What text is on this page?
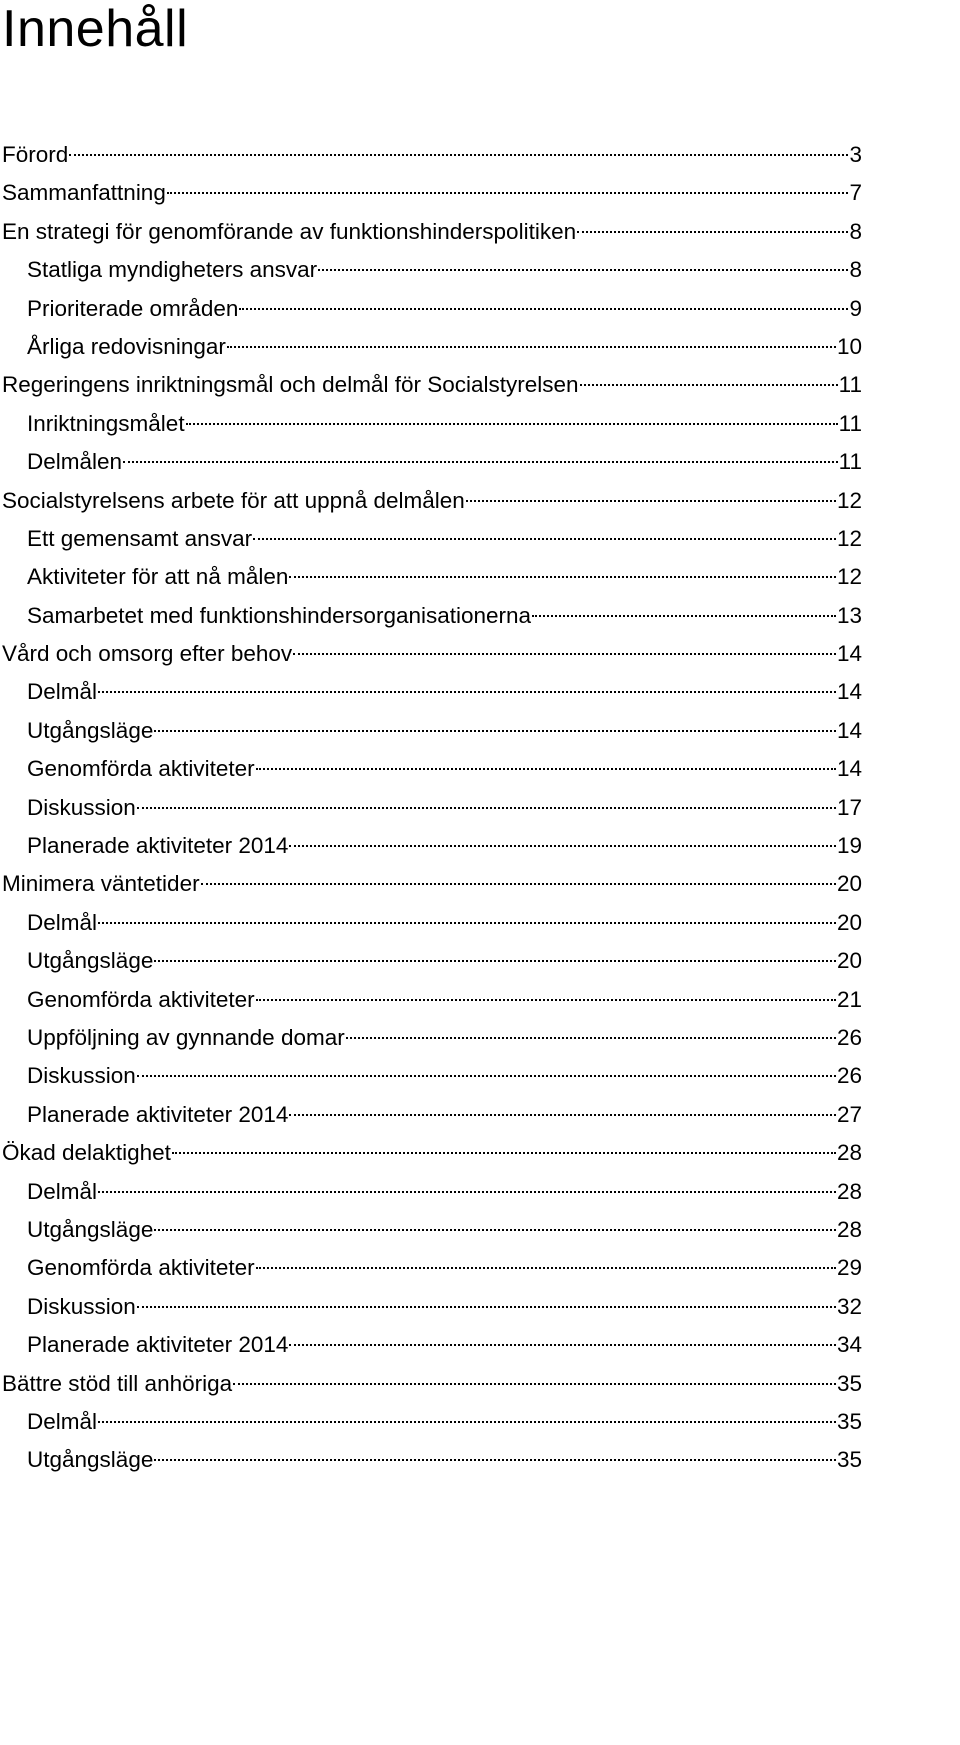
Innehåll
Förord	3
Sammanfattning	7
En strategi för genomförande av funktionshinderspolitiken	8
Statliga myndigheters ansvar	8
Prioriterade områden	9
Årliga redovisningar	10
Regeringens inriktningsmål och delmål för Socialstyrelsen	11
Inriktningsmålet	11
Delmålen	11
Socialstyrelsens arbete för att uppnå delmålen	12
Ett gemensamt ansvar	12
Aktiviteter för att nå målen	12
Samarbetet med funktionshindersorganisationerna	13
Vård och omsorg efter behov	14
Delmål	14
Utgångsläge	14
Genomförda aktiviteter	14
Diskussion	17
Planerade aktiviteter 2014	19
Minimera väntetider	20
Delmål	20
Utgångsläge	20
Genomförda aktiviteter	21
Uppföljning av gynnande domar	26
Diskussion	26
Planerade aktiviteter 2014	27
Ökad delaktighet	28
Delmål	28
Utgångsläge	28
Genomförda aktiviteter	29
Diskussion	32
Planerade aktiviteter 2014	34
Bättre stöd till anhöriga	35
Delmål	35
Utgångsläge	35
